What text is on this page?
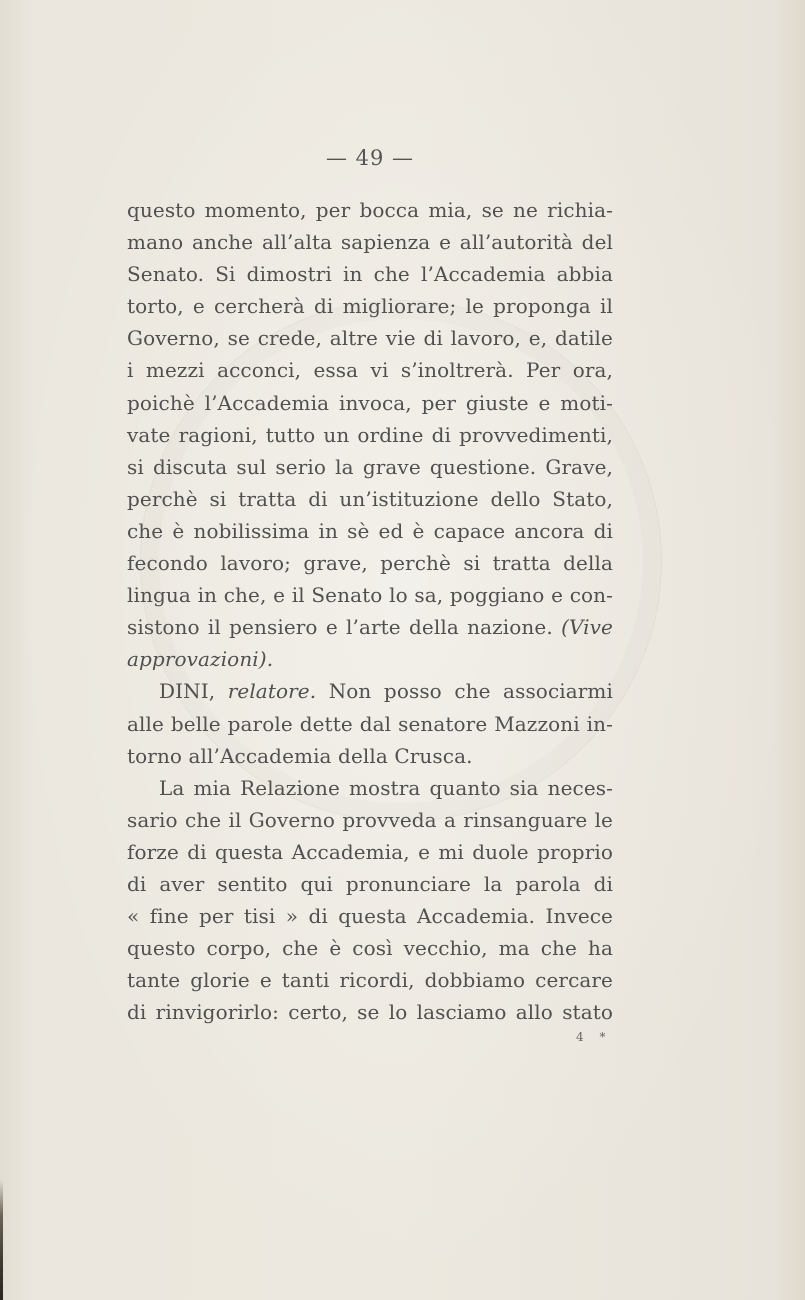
— 49 —
questo momento, per bocca mia, se ne richia-
mano anche all’alta sapienza e all’autorità del
Senato. Si dimostri in che l’Accademia abbia
torto, e cercherà di migliorare; le proponga il
Governo, se crede, altre vie di lavoro, e, datile
i mezzi acconci, essa vi s’inoltrerà. Per ora,
poichè l’Accademia invoca, per giuste e moti-
vate ragioni, tutto un ordine di provvedimenti,
si discuta sul serio la grave questione. Grave,
perchè si tratta di un’istituzione dello Stato,
che è nobilissima in sè ed è capace ancora di
fecondo lavoro; grave, perchè si tratta della
lingua in che, e il Senato lo sa, poggiano e con-
sistono il pensiero e l’arte della nazione. (Vive
approvazioni).
DINI, relatore. Non posso che associarmi
alle belle parole dette dal senatore Mazzoni in-
torno all’Accademia della Crusca.
La mia Relazione mostra quanto sia neces-
sario che il Governo provveda a rinsanguare le
forze di questa Accademia, e mi duole proprio
di aver sentito qui pronunciare la parola di
« fine per tisi » di questa Accademia. Invece
questo corpo, che è così vecchio, ma che ha
tante glorie e tanti ricordi, dobbiamo cercare
di rinvigorirlo: certo, se lo lasciamo allo stato
4 *
